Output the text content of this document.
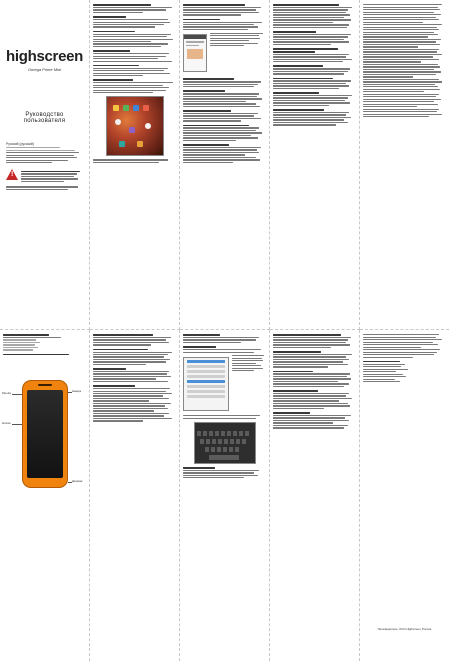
highscreen
Omega Prime Mini
Руководство пользователя
Русский (русский)
!
Разъём
Камера
Кнопка
Динамик
Производитель: ООО Highscreen, Россия
